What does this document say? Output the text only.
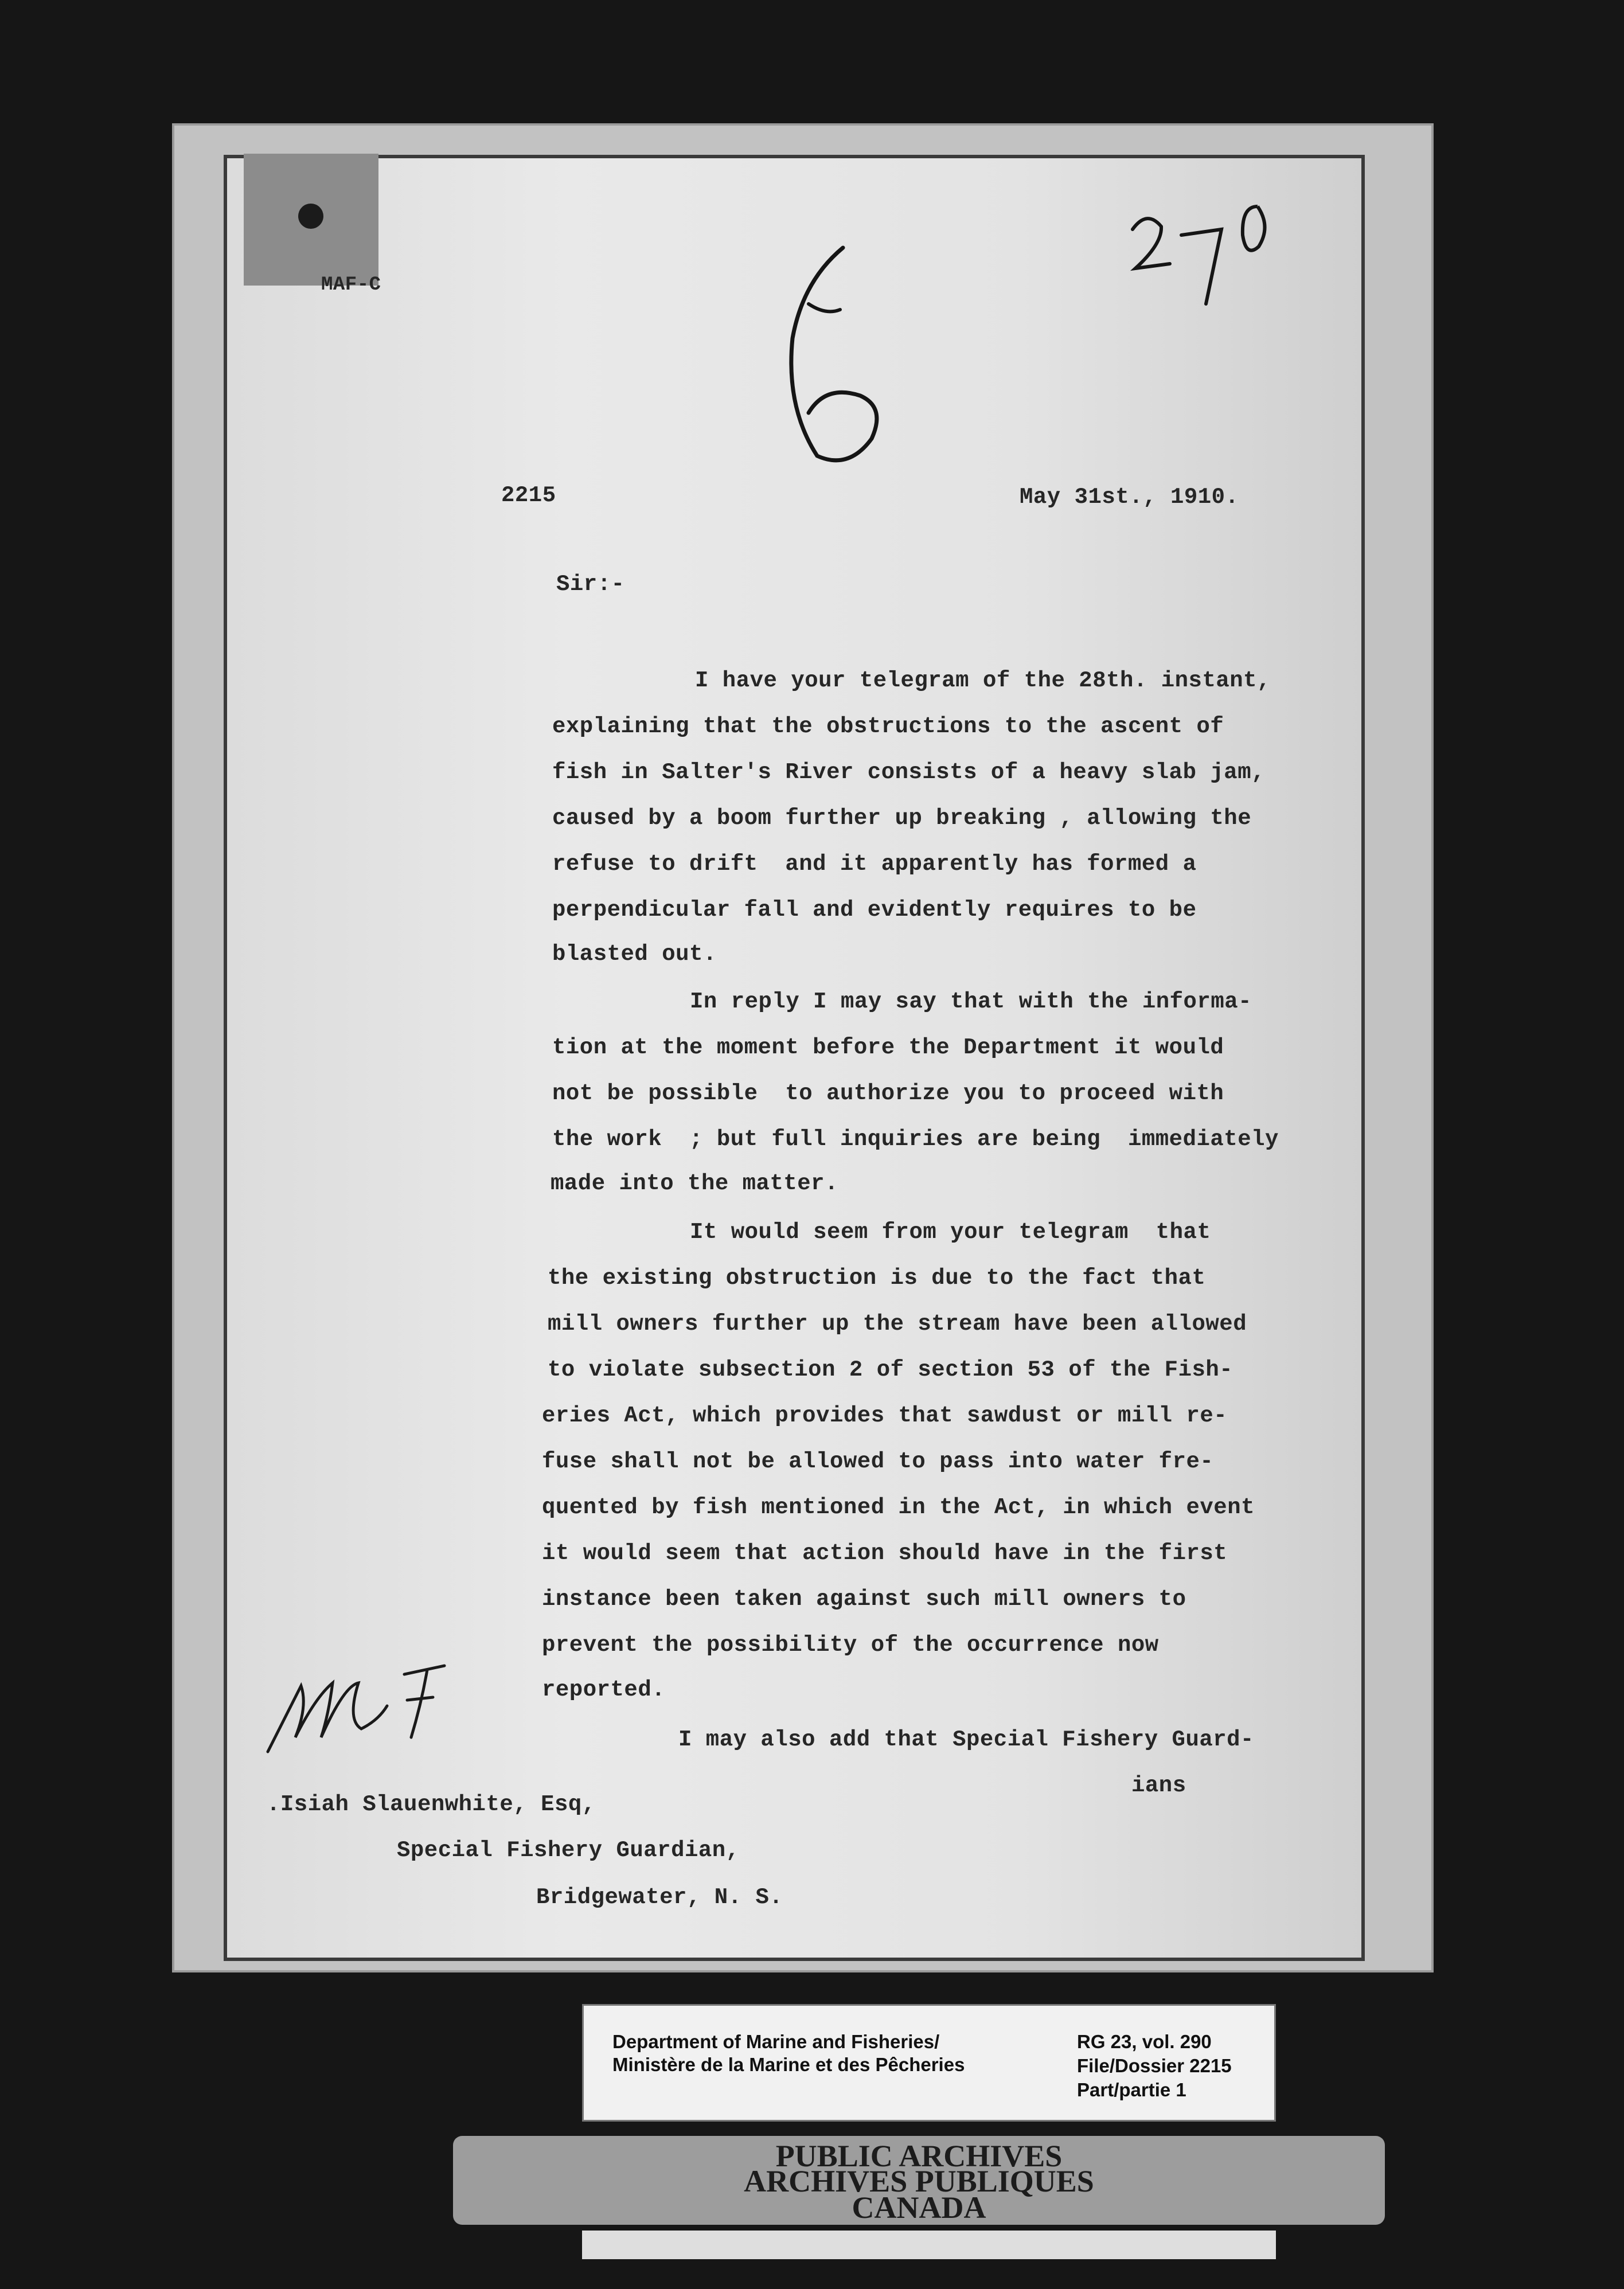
MAF-C
2215	May 31st., 1910.
Sir:-
I have your telegram of the 28th. instant,
explaining that the obstructions to the ascent of
fish in Salter's River consists of a heavy slab jam,
caused by a boom further up breaking , allowing the
refuse to drift  and it apparently has formed a
perpendicular fall and evidently requires to be
blasted out.
In reply I may say that with the informa-
tion at the moment before the Department it would
not be possible  to authorize you to proceed with
the work  ; but full inquiries are being  immediately
made into the matter.
It would seem from your telegram  that
the existing obstruction is due to the fact that
mill owners further up the stream have been allowed
to violate subsection 2 of section 53 of the Fish-
eries Act, which provides that sawdust or mill re-
fuse shall not be allowed to pass into water fre-
quented by fish mentioned in the Act, in which event
it would seem that action should have in the first
instance been taken against such mill owners to
prevent the possibility of the occurrence now
reported.
I may also add that Special Fishery Guard-
ians
.Isiah Slauenwhite, Esq,
Special Fishery Guardian,
Bridgewater, N. S.
Department of Marine and Fisheries/
Ministère de la Marine et des Pêcheries
RG 23, vol. 290
File/Dossier 2215
Part/partie 1
PUBLIC ARCHIVES
ARCHIVES PUBLIQUES
CANADA
